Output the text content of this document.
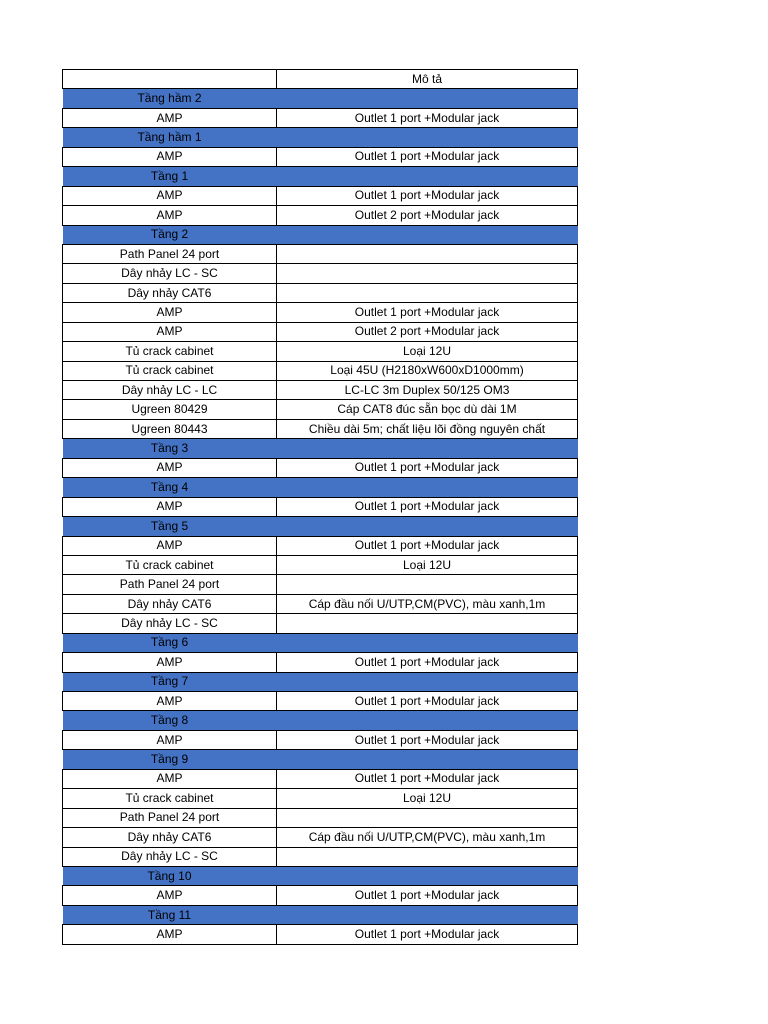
	Mô tả
Tầng hầm 2	
AMP	Outlet 1 port +Modular jack
Tầng hầm 1	
AMP	Outlet 1 port +Modular jack
Tầng 1	
AMP	Outlet 1 port +Modular jack
AMP	Outlet 2 port +Modular jack
Tầng 2	
Path Panel 24 port	
Dây nhảy LC - SC	
Dây nhảy CAT6	
AMP	Outlet 1 port +Modular jack
AMP	Outlet 2 port +Modular jack
Tủ crack cabinet	Loại 12U
Tủ crack cabinet	Loại 45U (H2180xW600xD1000mm)
Dây nhảy LC - LC	LC-LC 3m Duplex 50/125 OM3
Ugreen 80429	Cáp CAT8 đúc sẵn bọc dù dài 1M
Ugreen 80443	Chiều dài 5m; chất liệu lõi đồng nguyên chất
Tầng 3	
AMP	Outlet 1 port +Modular jack
Tầng 4	
AMP	Outlet 1 port +Modular jack
Tầng 5	
AMP	Outlet 1 port +Modular jack
Tủ crack cabinet	Loại 12U
Path Panel 24 port	
Dây nhảy CAT6	Cáp đầu nối U/UTP,CM(PVC), màu xanh,1m
Dây nhảy LC - SC	
Tầng 6	
AMP	Outlet 1 port +Modular jack
Tầng 7	
AMP	Outlet 1 port +Modular jack
Tầng 8	
AMP	Outlet 1 port +Modular jack
Tầng 9	
AMP	Outlet 1 port +Modular jack
Tủ crack cabinet	Loại 12U
Path Panel 24 port	
Dây nhảy CAT6	Cáp đầu nối U/UTP,CM(PVC), màu xanh,1m
Dây nhảy LC - SC	
Tầng 10	
AMP	Outlet 1 port +Modular jack
Tầng 11	
AMP	Outlet 1 port +Modular jack
